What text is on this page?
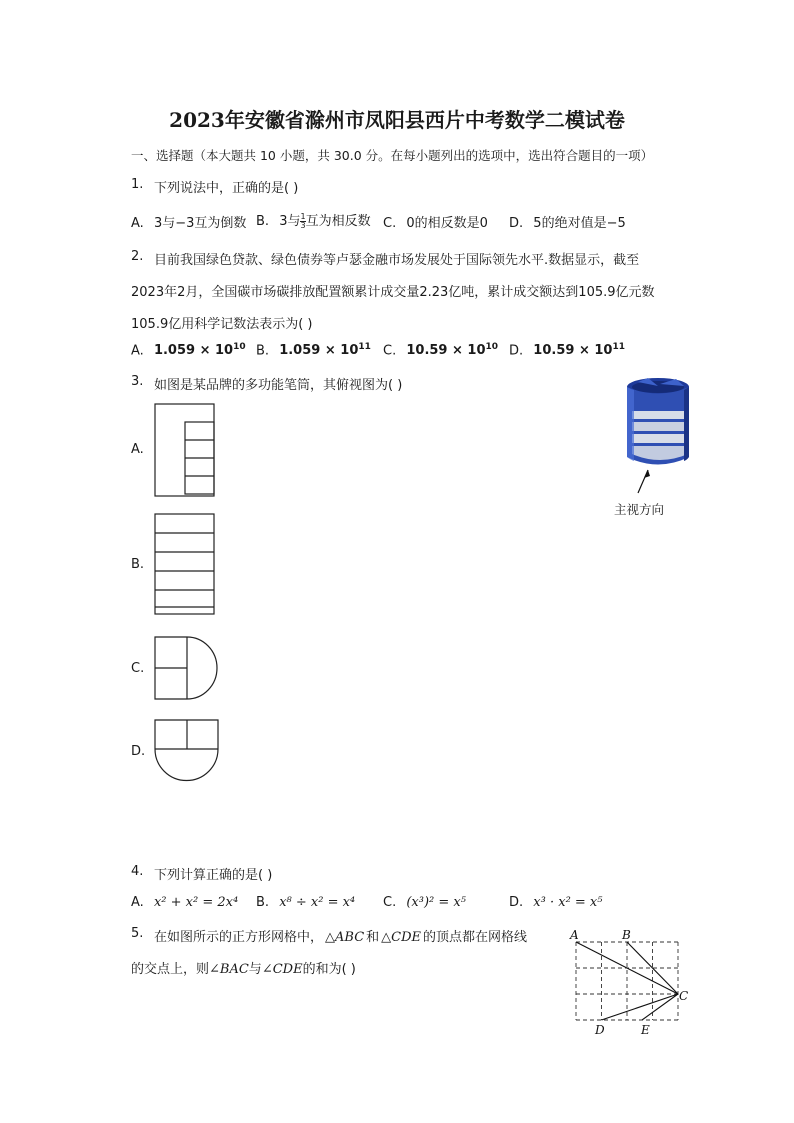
2023年安徽省滁州市凤阳县西片中考数学二模试卷
一、选择题（本大题共 10 小题，共 30.0 分。在每小题列出的选项中，选出符合题目的一项）
1. 下列说法中，正确的是( )
A. 3与−3互为倒数 B. 3与 $\frac{1}{3}$ 互为相反数 C. 0的相反数是0 D. 5的绝对值是−5
2. 目前我国绿色贷款、绿色债券等卢瑟金融市场发展处于国际领先水平.数据显示，截至
2023年2月，全国碳市场碳排放配置额累计成交量2.23亿吨，累计成交额达到105.9亿元数
105.9亿用科学记数法表示为( )
A. $1.059 \times 10^{10}$ B. $1.059 \times 10^{11}$ C. $10.59 \times 10^{10}$ D. $10.59 \times 10^{11}$
3. 如图是某品牌的多功能笔筒，其俯视图为( )
A.
B.
C.
D.
主视方向
4. 下列计算正确的是( )
A. x² + x² = 2x⁴ B. x⁸ ÷ x² = x⁴ C. (x³)² = x⁵	D. x³ · x² = x⁵
5. 在如图所示的正方形网格中， △ABC 和 △CDE 的顶点都在网格线
的交点上，则∠BAC与∠CDE的和为( )
A	B
C
D	E
